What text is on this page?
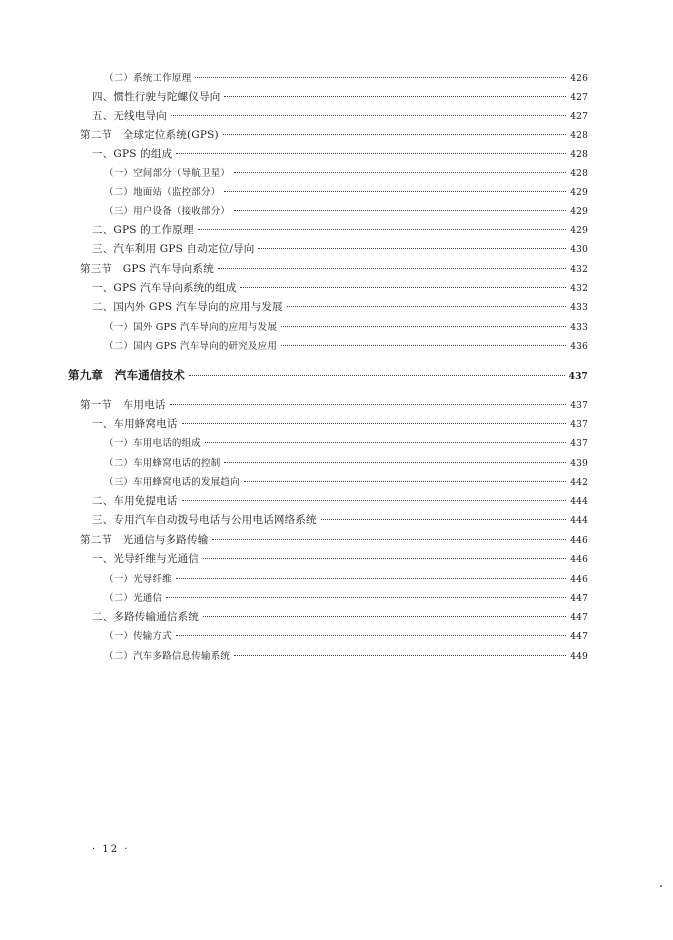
（二）系统工作原理	426
四、惯性行驶与陀螺仪导向	427
五、无线电导向	427
第二节　全球定位系统(GPS)	428
一、GPS 的组成	428
（一）空间部分（导航卫星）	428
（二）地面站（监控部分）	429
（三）用户设备（接收部分）	429
二、GPS 的工作原理	429
三、汽车利用 GPS 自动定位/导向	430
第三节　GPS 汽车导向系统	432
一、GPS 汽车导向系统的组成	432
二、国内外 GPS 汽车导向的应用与发展	433
（一）国外 GPS 汽车导向的应用与发展	433
（二）国内 GPS 汽车导向的研究及应用	436
第九章　汽车通信技术	437
第一节　车用电话	437
一、车用蜂窝电话	437
（一）车用电话的组成	437
（二）车用蜂窝电话的控制	439
（三）车用蜂窝电话的发展趋向	442
二、车用免提电话	444
三、专用汽车自动拨号电话与公用电话网络系统	444
第二节　光通信与多路传输	446
一、光导纤维与光通信	446
（一）光导纤维	446
（二）光通信	447
二、多路传输通信系统	447
（一）传输方式	447
（二）汽车多路信息传输系统	449
· 12 ·
